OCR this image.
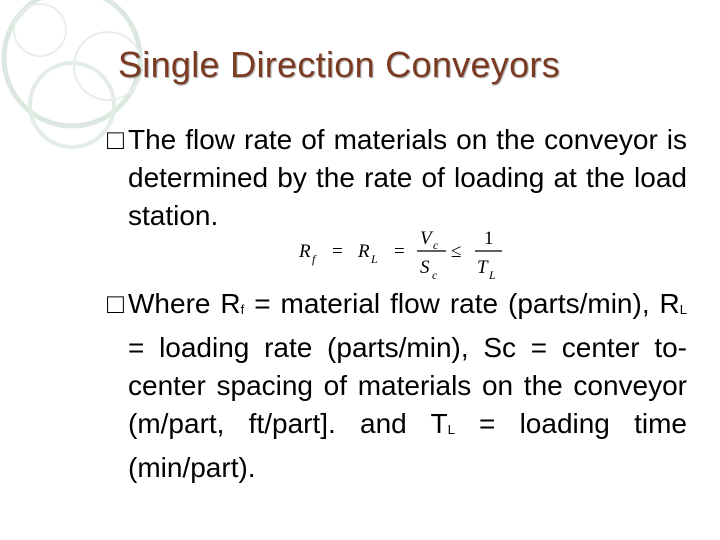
Single Direction Conveyors
□ The flow rate of materials on the conveyor is determined by the rate of loading at the load station.
R f = R L =
V c
S c
≤
1
T L
□ Where Rf = material flow rate (parts/min), RL = loading rate (parts/min), Sc = center to-center spacing of materials on the conveyor (m/part, ft/part]. and TL = loading time (min/part).
